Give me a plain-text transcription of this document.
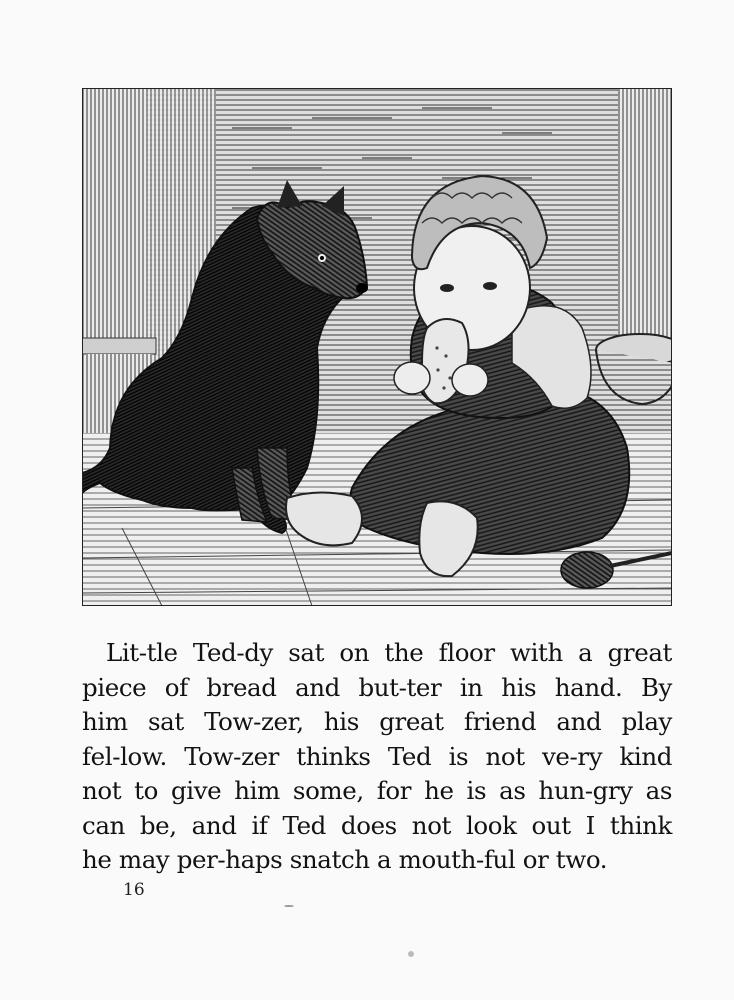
Lit-tle Ted-dy sat on the floor with a great
piece of bread and but-ter in his hand. By
him sat Tow-zer, his great friend and play
fel-low. Tow-zer thinks Ted is not ve-ry kind
not to give him some, for he is as hun-gry as
can be, and if Ted does not look out I think
he may per-haps snatch a mouth-ful or two.
16
